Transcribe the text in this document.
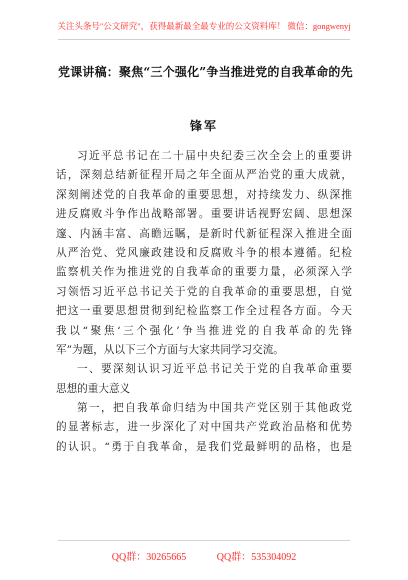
关注头条号"公文研究"，获得最新最全最专业的公文资料库！ 微信：gongwenyj
党课讲稿：聚焦“三个强化”争当推进党的自我革命的先
锋军
习近平总书记在二十届中央纪委三次全会上的重要讲
话，深刻总结新征程开局之年全面从严治党的重大成就，
深刻阐述党的自我革命的重要思想，对持续发力、纵深推
进反腐败斗争作出战略部署。重要讲话视野宏阔、思想深
邃、内涵丰富、高瞻远瞩，是新时代新征程深入推进全面
从严治党、党风廉政建设和反腐败斗争的根本遵循。纪检
监察机关作为推进党的自我革命的重要力量，必须深入学
习领悟习近平总书记关于党的自我革命的重要思想，自觉
把这一重要思想贯彻到纪检监察工作全过程各方面。今天
我以“聚焦‘三个强化’争当推进党的自我革命的先锋
军”为题，从以下三个方面与大家共同学习交流。
一、要深刻认识习近平总书记关于党的自我革命重要
思想的重大意义
第一，把自我革命归结为中国共产党区别于其他政党
的显著标志，进一步深化了对中国共产党政治品格和优势
的认识。“勇于自我革命，是我们党最鲜明的品格，也是
QQ群：30265665	QQ群：535304092
